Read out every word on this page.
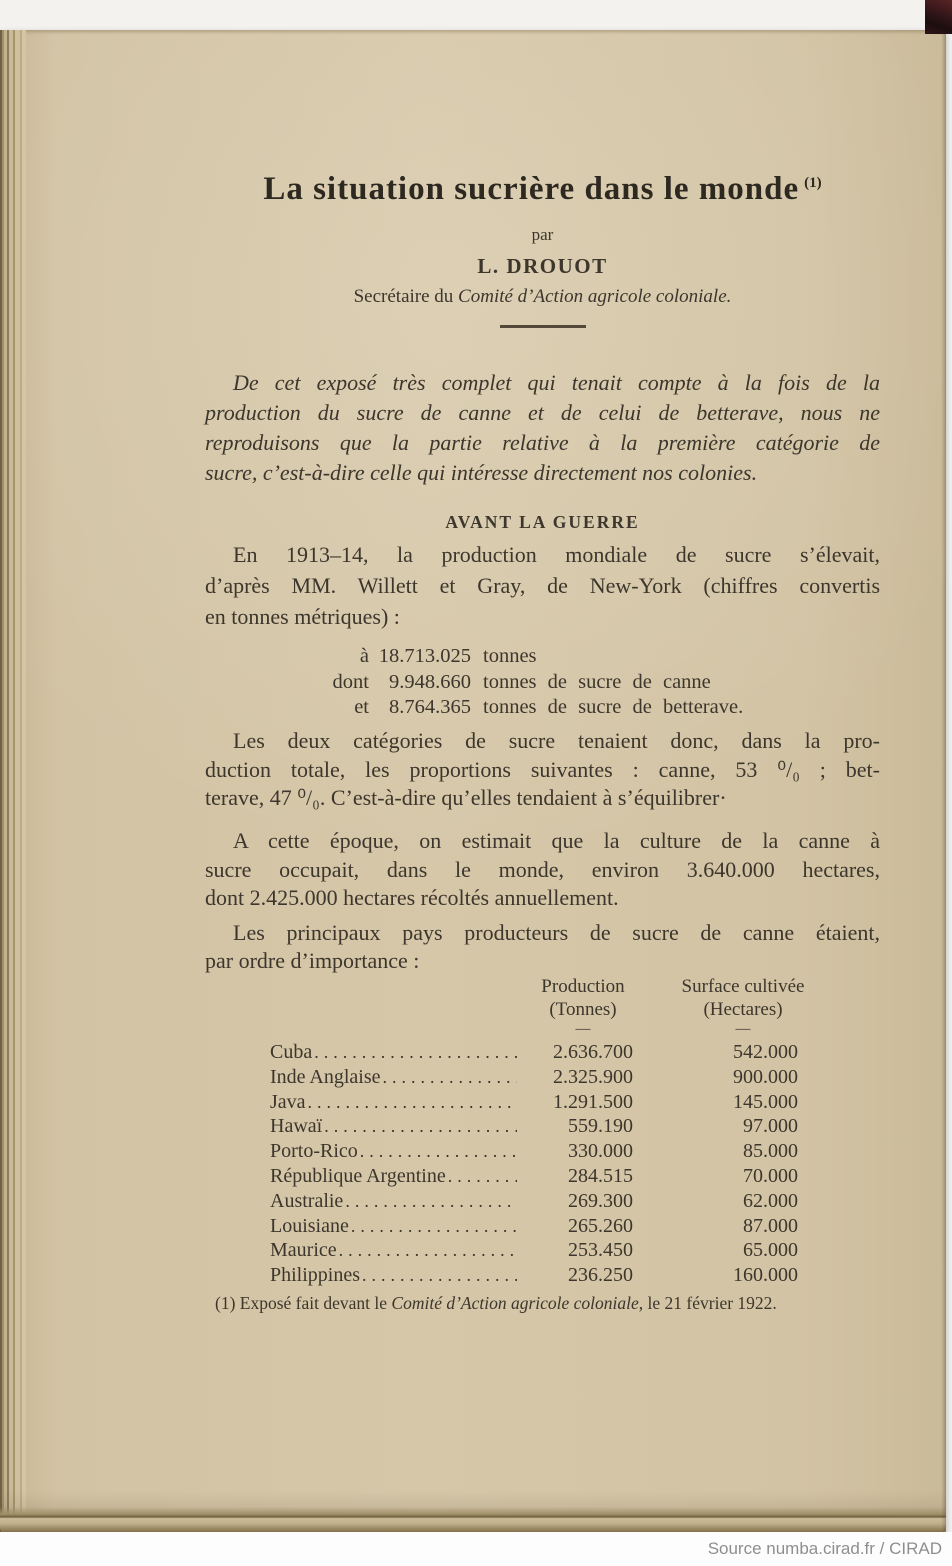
La situation sucrière dans le monde $^{(1)}$
par
L. DROUOT
Secrétaire du Comité d’Action agricole coloniale.
De cet exposé très complet qui tenait compte à la fois de la
production du sucre de canne et de celui de betterave, nous ne
reproduisons que la partie relative à la première catégorie de
sucre, c’est-à-dire celle qui intéresse directement nos colonies.
AVANT LA GUERRE
En 1913–14, la production mondiale de sucre s’élevait,
d’après MM. Willett et Gray, de New-York (chiffres convertis
en tonnes métriques) :
à 18.713.025 tonnes
dont 9.948.660 tonnes de sucre de canne
et 8.764.365 tonnes de sucre de betterave.
Les deux catégories de sucre tenaient donc, dans la pro-
duction totale, les proportions suivantes : canne, 53 ⁰/₀ ; bet-
terave, 47 ⁰/₀. C’est-à-dire qu’elles tendaient à s’équilibrer·
A cette époque, on estimait que la culture de la canne à
sucre occupait, dans le monde, environ 3.640.000 hectares,
dont 2.425.000 hectares récoltés annuellement.
Les principaux pays producteurs de sucre de canne étaient,
par ordre d’importance :
Production
(Tonnes)
—
Surface cultivée
(Hectares)
—
Cuba .....	2.636.700	542.000
Inde Anglaise .....	2.325.900	900.000
Java .....	1.291.500	145.000
Hawaï .....	559.190	97.000
Porto-Rico .....	330.000	85.000
République Argentine .....	284.515	70.000
Australie .....	269.300	62.000
Louisiane .....	265.260	87.000
Maurice .....	253.450	65.000
Philippines .....	236.250	160.000
(1) Exposé fait devant le Comité d’Action agricole coloniale, le 21 février 1922.
Source numba.cirad.fr / CIRAD
